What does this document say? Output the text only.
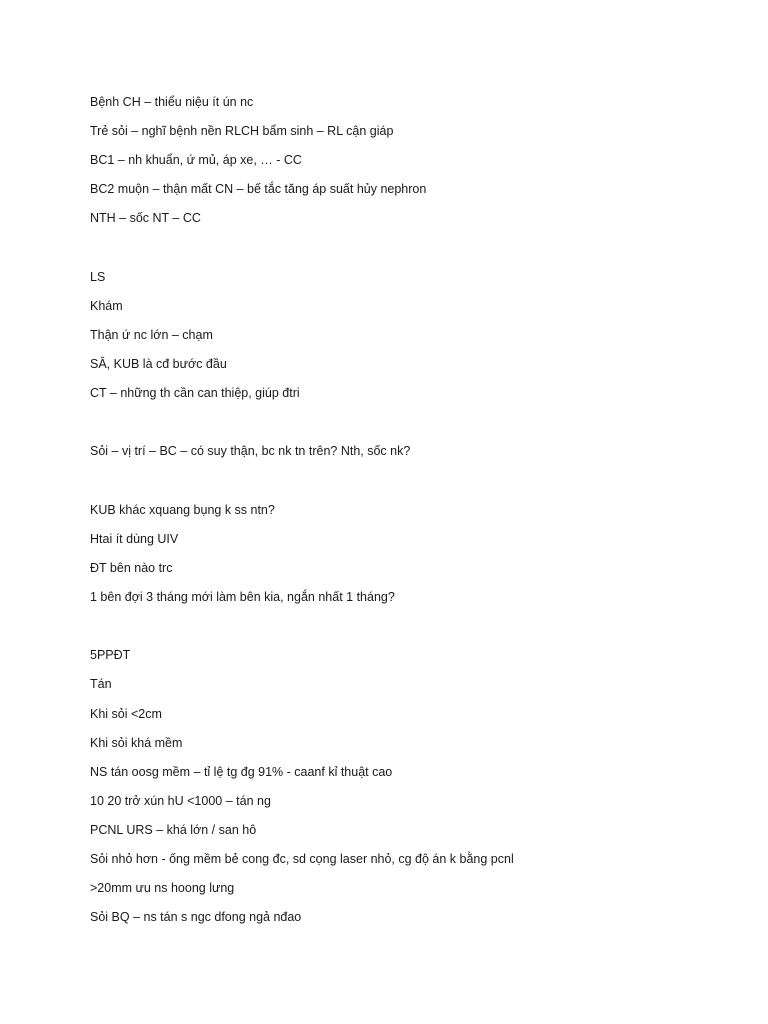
Bệnh CH – thiểu niệu ít ún nc
Trẻ sỏi – nghĩ bệnh nền RLCH bẩm sinh – RL cận giáp
BC1 – nh khuẩn, ứ mủ, áp xe, … - CC
BC2 muộn – thận mất CN – bế tắc tăng áp suất hủy nephron
NTH – sốc NT – CC
LS
Khám
Thận ứ nc lớn – chạm
SÂ, KUB là cđ bước đầu
CT – những th cần can thiệp, giúp đtri
Sỏi – vị trí – BC – có suy thận, bc nk tn trên? Nth, sốc nk?
KUB khác xquang bụng k ss ntn?
Htai ít dùng UIV
ĐT bên nào trc
1 bên đợi 3 tháng mới làm bên kia, ngắn nhất 1 tháng?
5PPĐT
Tán
Khi sỏi <2cm
Khi sỏi khá mềm
NS tán oosg mềm – tỉ lệ tg đg 91% - caanf kỉ thuật cao
10 20 trở xún hU <1000 – tán ng
PCNL URS – khá lớn / san hô
Sỏi nhỏ hơn - ống mềm bẻ cong đc, sd cọng laser nhỏ, cg độ án k bằng pcnl
>20mm ưu ns hoong lưng
Sỏi BQ – ns tán s ngc dfong ngả nđao
